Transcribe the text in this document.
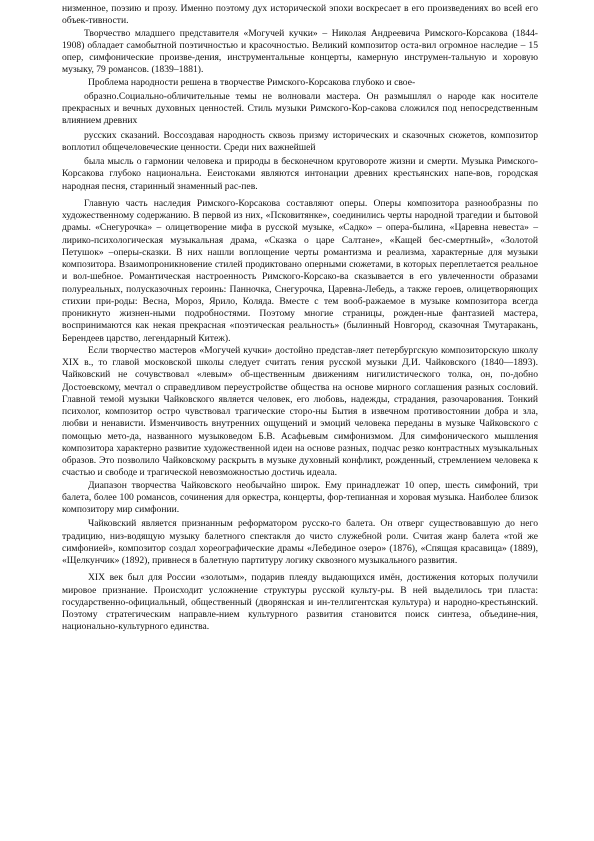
низменное, поэзию и прозу. Именно поэтому дух исторической эпохи воскресает в его произведениях во всей его объек-тивности.

Творчество младшего представителя «Могучей кучки» – Николая Андреевича Римского-Корсакова (1844-1908) обладает самобытной поэтичностью и красочностью. Великий композитор оста-вил огромное наследие – 15 опер, симфонические произве-дения, инструментальные концерты, камерную инструмен-тальную и хоровую музыку, 79 романсов. (1839–1881).

Проблема народности решена в творчестве Римского-Корсакова глубоко и свое-

образно.Социально-обличительные темы не волновали мастера. Он размышлял о народе как носителе прекрасных и вечных духовных ценностей. Стиль музыки Римского-Кор-сакова сложился под непосредственным влиянием древних

русских сказаний. Воссоздавая народность сквозь призму исторических и сказочных сюжетов, композитор воплотил общечеловеческие ценности. Среди них важнейшей

была мысль о гармонии человека и природы в бесконечном круговороте жизни и смерти. Музыка Римского-Корсакова глубоко национальна. Ееистоками являются интонации древних крестьянских напе-вов, городская народная песня, старинный знаменный рас-пев.

Главную часть наследия Римского-Корсакова составляют оперы. Оперы композитора разнообразны по художественному содержанию. В первой из них, «Псковитянке», соединились черты народной трагедии и бытовой драмы. «Снегурочка» – олицетворение мифа в русской музыке, «Садко» – опера-былина, «Царевна невеста» –лирико-психологическая музыкальная драма, «Сказка о царе Салтане», «Кащей бес-смертный», «Золотой Петушок» –оперы-сказки. В них нашли воплощение черты романтизма и реализма, характерные для музыки композитора. Взаимопроникновение стилей продиктовано оперными сюжетами, в которых переплетается реальное и вол-шебное. Романтическая настроенность Римского-Корсако-ва сказывается в его увлеченности образами полуреальных, полусказочных героинь: Панночка, Снегурочка, Царевна-Лебедь, а также героев, олицетворяющих стихии при-роды: Весна, Мороз, Ярило, Коляда. Вместе с тем вооб-ражаемое в музыке композитора всегда проникнуто жизнен-ными подробностями. Поэтому многие страницы, рожден-ные фантазией мастера, воспринимаются как некая прекрасная «поэтическая реальность» (былинный Новгород, сказочная Тмутаракань, Берендеев царство, легендарный Китеж).

Если творчество мастеров «Могучей кучки» достойно представ-ляет петербургскую композиторскую школу XIX в., то главой московской школы следует считать гения русской музыки Д.И. Чайковского (1840—1893). Чайковский не сочувствовал «левым» об-щественным движениям нигилистического толка, он, по-добно Достоевскому, мечтал о справедливом переустройстве общества на основе мирного соглашения разных сословий. Главной темой музыки Чайковского является человек, его любовь, надежды, страдания, разочарования. Тонкий психолог, композитор остро чувствовал трагические сторо-ны Бытия в извечном противостоянии добра и зла, любви и ненависти. Изменчивость внутренних ощущений и эмоций человека переданы в музыке Чайковского с помощью мето-да, названного музыковедом Б.В. Асафьевым симфонизмом. Для симфонического мышления композитора характерно развитие художественной идеи на основе разных, подчас резко контрастных музыкальных образов. Это позволило Чайковскому раскрыть в музыке духовный конфликт, рожденный, стремлением человека к счастью и свободе и трагической невозможностью достичь идеала.

Диапазон творчества Чайковского необычайно широк. Ему принадлежат 10 опер, шесть симфоний, три балета, более 100 романсов, сочинения для оркестра, концерты, фор-тепианная и хоровая музыка. Наиболее близок композитору мир симфонии.

Чайковский является признанным реформатором русско-го балета. Он отверг существовавшую до него традицию, низ-водящую музыку балетного спектакля до чисто служебной роли. Считая жанр балета «той же симфонией», композитор создал хореографические драмы «Лебединое озеро» (1876), «Спящая красавица» (1889), «Щелкунчик» (1892), привнеся в балетную партитуру логику сквозного музыкального развития.

XIX век был для России «золотым», подарив плеяду выдающихся имён, достижения которых получили мировое признание. Происходит усложнение структуры русской культу-ры. В ней выделилось три пласта: государственно-официальный, общественный (дворянская и ин-теллигентская культура) и народно-крестьянский. Поэтому стратегическим направле-нием культурного развития становится поиск синтеза, объедине-ния, национально-культурного единства.
